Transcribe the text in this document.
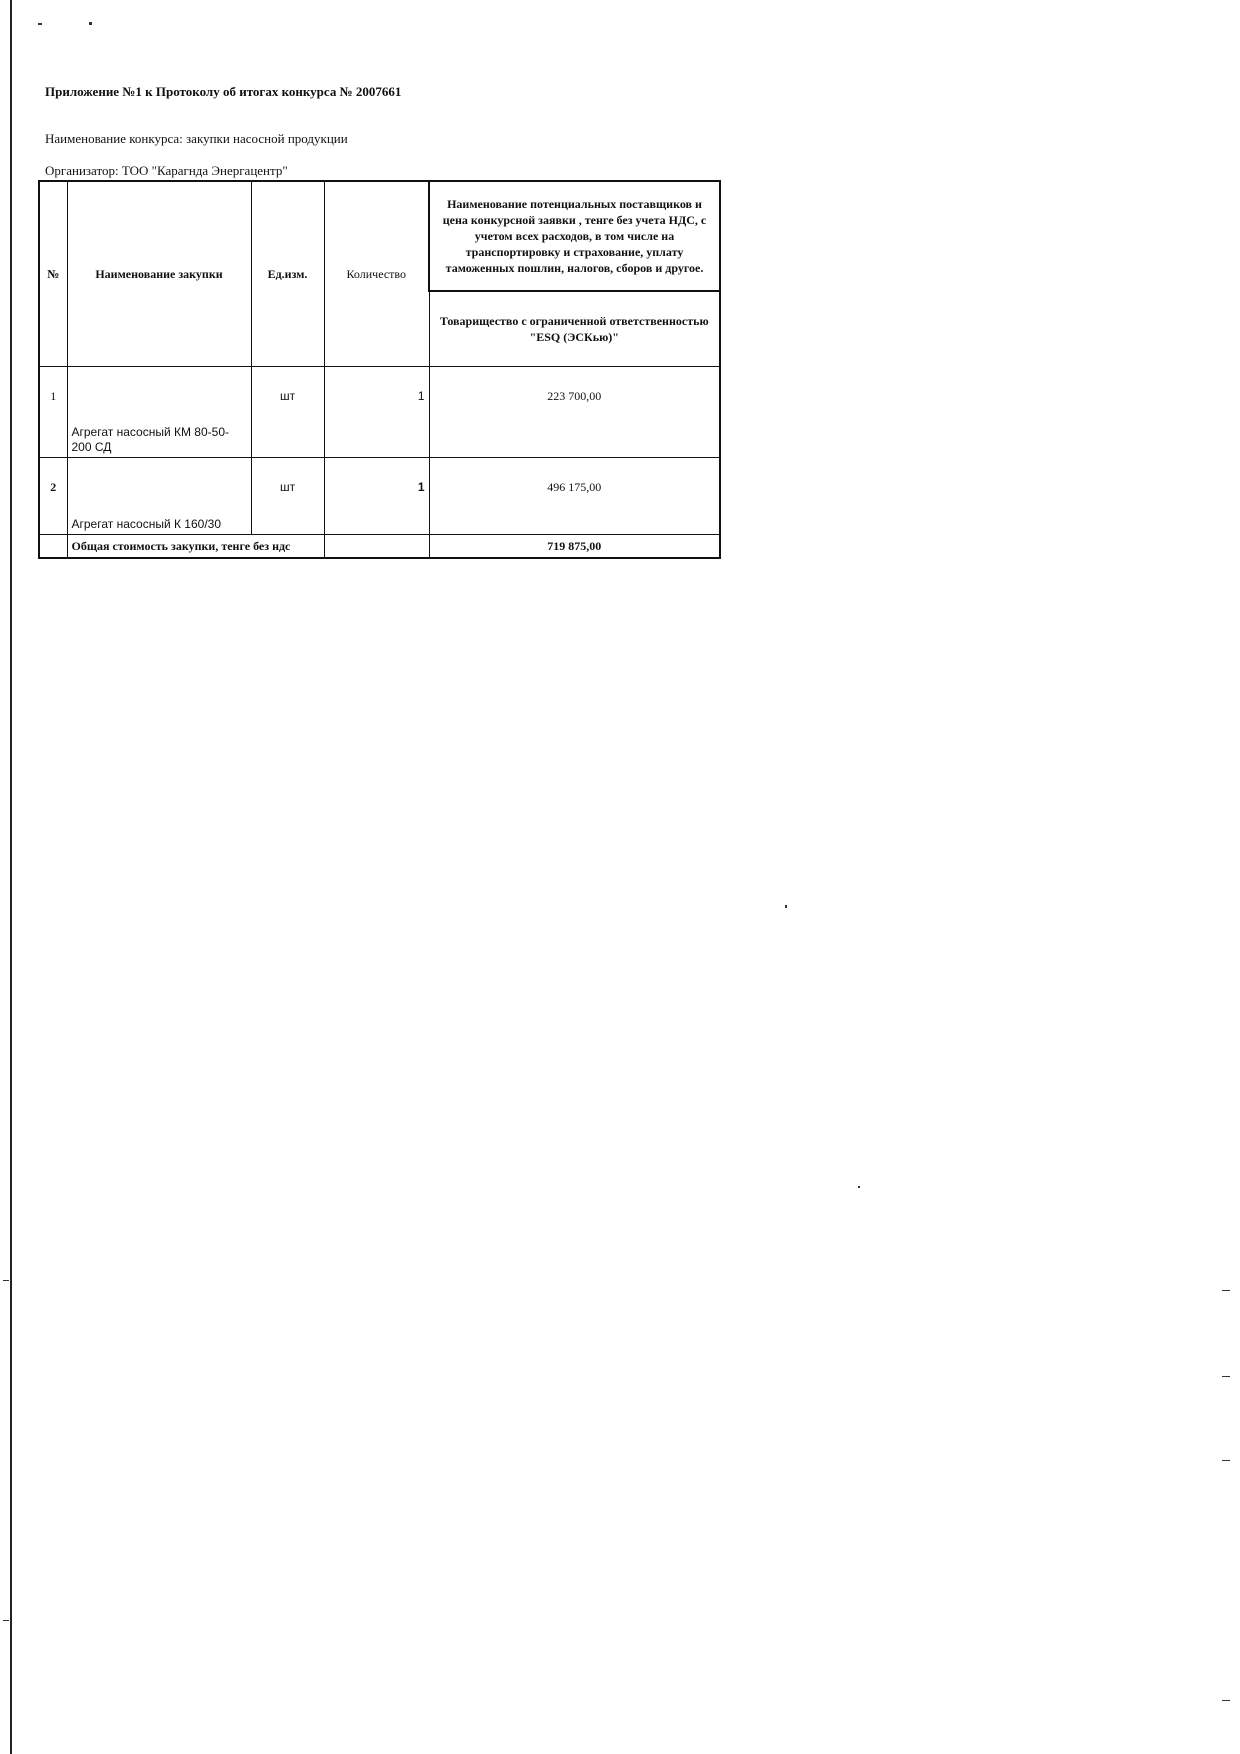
Приложение №1 к Протоколу об итогах конкурса № 2007661
Наименование конкурса: закупки насосной продукции
Организатор: ТОО "Карагнда Энергацентр"
№	Наименование закупки	Ед.изм.	Количество	Наименование потенциальных поставщиков и цена конкурсной заявки , тенге без учета НДС, с учетом всех расходов, в том числе на транспортировку и страхование, уплату таможенных пошлин, налогов, сборов и другое.
				Товарищество с ограниченной ответственностью "ESQ (ЭСКью)"
1	Агрегат насосный КМ 80-50-200 СД	шт	1	223 700,00
2	Агрегат насосный К 160/30	шт	1	496 175,00
	Общая стоимость закупки, тенге без ндс			719 875,00
